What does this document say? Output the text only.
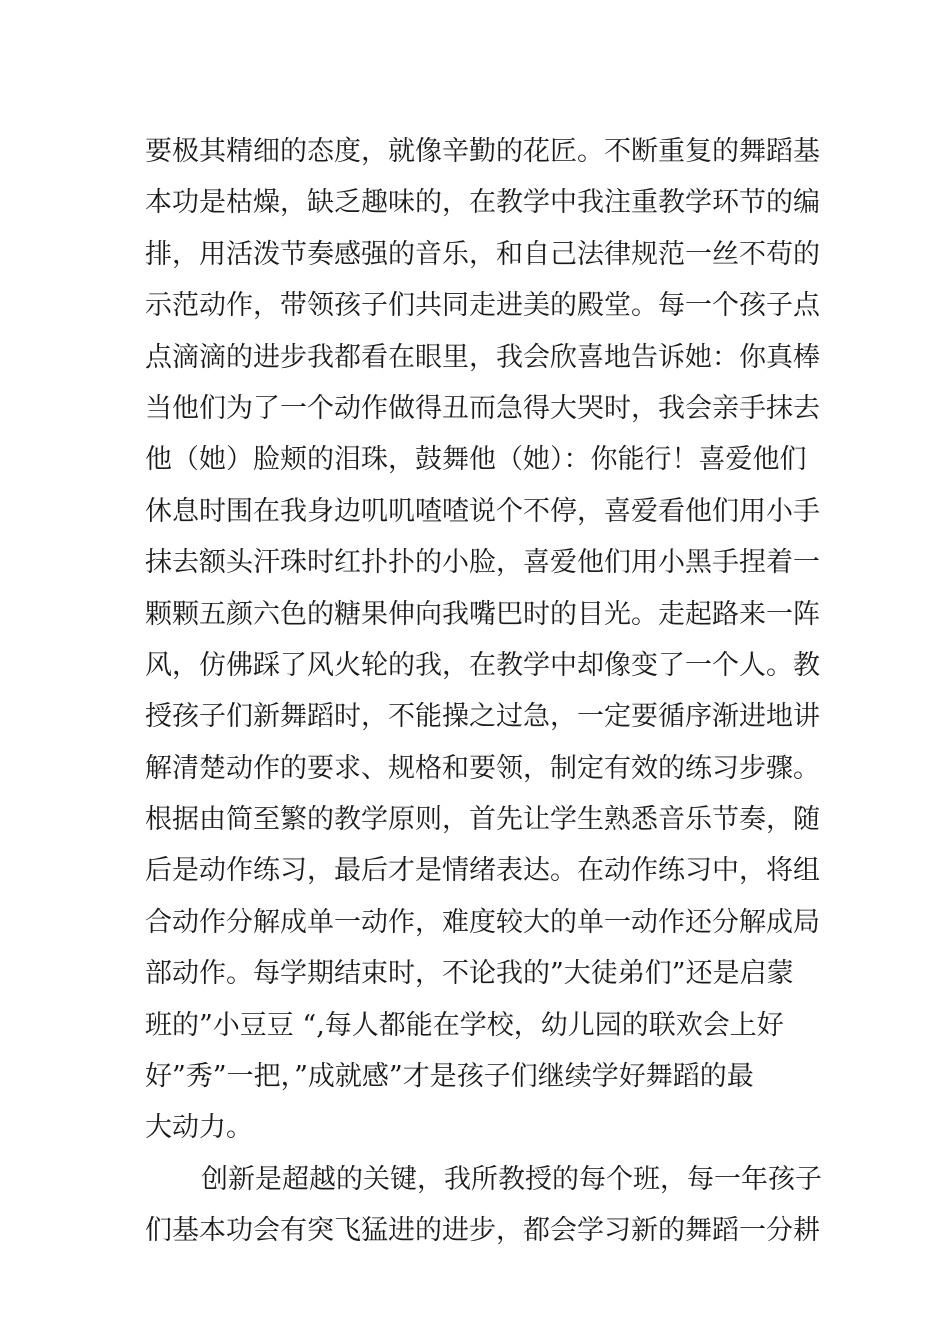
要极其精细的态度，就像辛勤的花匠。不断重复的舞蹈基
本功是枯燥，缺乏趣味的，在教学中我注重教学环节的编
排，用活泼节奏感强的音乐，和自己法律规范一丝不苟的
示范动作，带领孩子们共同走进美的殿堂。每一个孩子点
点滴滴的进步我都看在眼里，我会欣喜地告诉她：你真棒
当他们为了一个动作做得丑而急得大哭时，我会亲手抹去
他（她）脸颊的泪珠，鼓舞他（她）：你能行！喜爱他们
休息时围在我身边叽叽喳喳说个不停，喜爱看他们用小手
抹去额头汗珠时红扑扑的小脸，喜爱他们用小黑手捏着一
颗颗五颜六色的糖果伸向我嘴巴时的目光。走起路来一阵
风，仿佛踩了风火轮的我，在教学中却像变了一个人。教
授孩子们新舞蹈时，不能操之过急，一定要循序渐进地讲
解清楚动作的要求、规格和要领，制定有效的练习步骤。
根据由简至繁的教学原则，首先让学生熟悉音乐节奏，随
后是动作练习，最后才是情绪表达。在动作练习中，将组
合动作分解成单一动作，难度较大的单一动作还分解成局
部动作。每学期结束时，不论我的”大徒弟们”还是启蒙
班的”小豆豆 “,每人都能在学校，幼儿园的联欢会上好
好”秀”一把，”成就感”才是孩子们继续学好舞蹈的最
大动力。
创新是超越的关键，我所教授的每个班，每一年孩子
们基本功会有突飞猛进的进步，都会学习新的舞蹈一分耕
